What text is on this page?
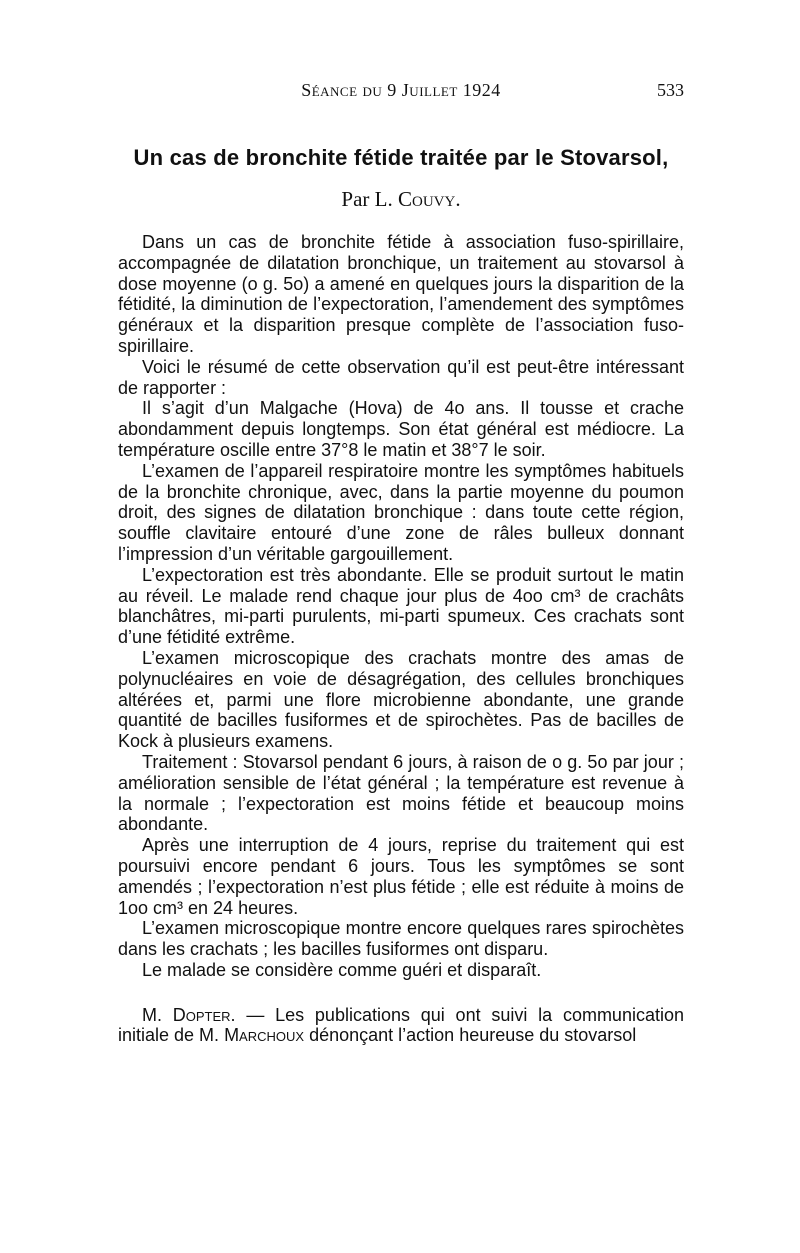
Séance du 9 Juillet 1924	533
Un cas de bronchite fétide traitée par le Stovarsol,
Par L. Couvy.

Dans un cas de bronchite fétide à association fuso-spirillaire, accompagnée de dilatation bronchique, un traitement au stovarsol à dose moyenne (o g. 5o) a amené en quelques jours la disparition de la fétidité, la diminution de l’expectoration, l’amendement des symptômes généraux et la disparition presque complète de l’association fuso-spirillaire.

Voici le résumé de cette observation qu’il est peut-être intéressant de rapporter :

Il s’agit d’un Malgache (Hova) de 4o ans. Il tousse et crache abondamment depuis longtemps. Son état général est médiocre. La température oscille entre 37°8 le matin et 38°7 le soir.

L’examen de l’appareil respiratoire montre les symptômes habituels de la bronchite chronique, avec, dans la partie moyenne du poumon droit, des signes de dilatation bronchique : dans toute cette région, souffle clavitaire entouré d’une zone de râles bulleux donnant l’impression d’un véritable gargouillement.

L’expectoration est très abondante. Elle se produit surtout le matin au réveil. Le malade rend chaque jour plus de 4oo cm³ de crachâts blanchâtres, mi-parti purulents, mi-parti spumeux. Ces crachats sont d’une fétidité extrême.

L’examen microscopique des crachats montre des amas de polynucléaires en voie de désagrégation, des cellules bronchiques altérées et, parmi une flore microbienne abondante, une grande quantité de bacilles fusiformes et de spirochètes. Pas de bacilles de Kock à plusieurs examens.

Traitement : Stovarsol pendant 6 jours, à raison de o g. 5o par jour ; amélioration sensible de l’état général ; la température est revenue à la normale ; l’expectoration est moins fétide et beaucoup moins abondante.

Après une interruption de 4 jours, reprise du traitement qui est poursuivi encore pendant 6 jours. Tous les symptômes se sont amendés ; l’expectoration n’est plus fétide ; elle est réduite à moins de 1oo cm³ en 24 heures.

L’examen microscopique montre encore quelques rares spirochètes dans les crachats ; les bacilles fusiformes ont disparu.

Le malade se considère comme guéri et disparaît.

M. Dopter. — Les publications qui ont suivi la communication initiale de M. Marchoux dénonçant l’action heureuse du stovarsol
